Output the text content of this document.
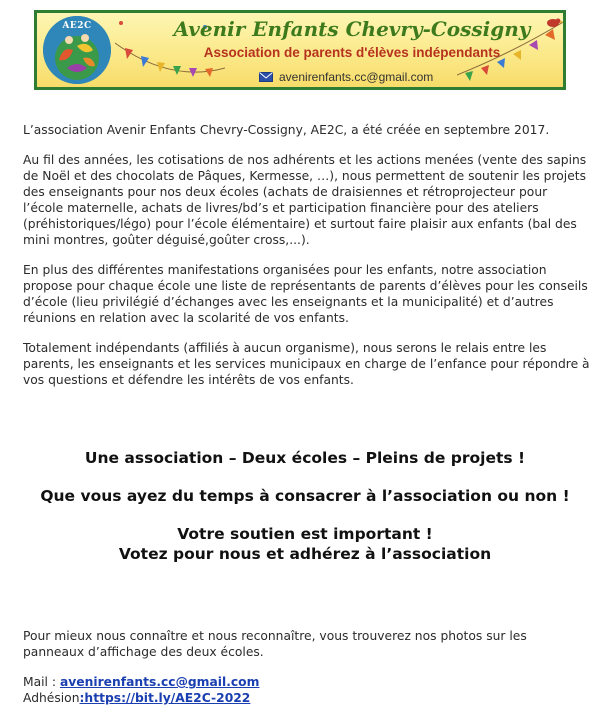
AE2C	Avenir Enfants Chevry-Cossigny
Association de parents d'élèves indépendants
avenirenfants.cc@gmail.com

L’association Avenir Enfants Chevry-Cossigny, AE2C, a été créée en septembre 2017.

Au fil des années, les cotisations de nos adhérents et les actions menées (vente des sapins de Noël et des chocolats de Pâques, Kermesse, …), nous permettent de soutenir les projets des enseignants pour nos deux écoles (achats de draisiennes et rétroprojecteur pour l’école maternelle, achats de livres/bd’s et participation financière pour des ateliers (préhistoriques/légo) pour l’école élémentaire) et surtout faire plaisir aux enfants (bal des mini montres, goûter déguisé,goûter cross,...).

En plus des différentes manifestations organisées pour les enfants, notre association propose pour chaque école une liste de représentants de parents d’élèves pour les conseils d’école (lieu privilégié d’échanges avec les enseignants et la municipalité) et d’autres réunions en relation avec la scolarité de vos enfants.

Totalement indépendants (affiliés à aucun organisme), nous serons le relais entre les parents, les enseignants et les services municipaux en charge de l’enfance pour répondre à vos questions et défendre les intérêts de vos enfants.

Une association – Deux écoles – Pleins de projets !

Que vous ayez du temps à consacrer à l’association ou non !

Votre soutien est important !

Votez pour nous et adhérez à l’association

Pour mieux nous connaître et nous reconnaître, vous trouverez nos photos sur les panneaux d’affichage des deux écoles.

Mail : avenirenfants.cc@gmail.com

Adhésion:https://bit.ly/AE2C-2022
